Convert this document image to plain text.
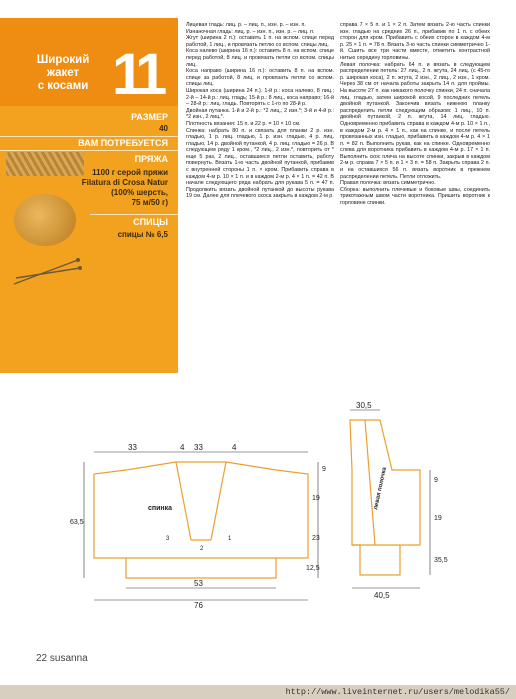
Широкий
жакет
с косами 11
РАЗМЕР
40
ВАМ ПОТРЕБУЕТСЯ
ПРЯЖА
1100 г серой пряжи
Filatura di Crosa Natur
(100% шерсть,
75 м/50 г)
СПИЦЫ
спицы № 6,5

Лицевая гладь: лиц. р. – лиц. п., изн. р. – изн. п.

Изнаночная гладь: лиц. р. – изн. п., изн. р. – лиц. п.

Жгут (ширина 2 п.): оставить 1 п. на вспом. спице перед работой, 1 лиц., и провязать петлю со вспом. спицы лиц.

Коса налево (ширина 16 п.): оставить 8 п. на вспом. спице перед работой, 8 лиц. и провязать петли со вспом. спицы лиц.

Коса направо (ширина 16 п.): оставить 8 п. на вспом. спице за работой, 8 лиц. и провязать петли со вспом. спицы лиц.

Широкая коса (ширина 24 п.). 1-й р.: коса налево, 8 лиц.; 2-й – 14-й р.: лиц. гладь; 15-й р.: 8 лиц., коса направо; 16-й – 28-й р.: лиц. гладь. Повторять с 1-го по 28-й р.

Двойная путанка. 1-й и 2-й р.: *2 лиц., 2 изн.*; 3-й и 4-й р.: *2 изн., 2 лиц.*.

Плотность вязания: 15 п. и 22 р. = 10 × 10 см.

Спинка: набрать 80 п. и связать для планки 2 р. изн. гладью, 1 р. лиц. гладью, 1 р. изн. гладью, 4 р. лиц. гладью, 14 р. двойной путанкой, 4 р. лиц. гладью = 26 р. В следующем ряду 1 кром., *2 лиц., 2 изн.*, повторить от * еще 5 раз, 2 лиц., оставшиеся петли оставить, работу повернуть. Вязать 1-ю часть двойной путанкой, прибавив с внутренней стороны 1 п. × кром. Прибавить справа в каждом 4-м р. 10 × 1 п. и в каждом 2-м р. 4 × 1 п. = 42 п. В начале следующего ряда набрать для рукава 5 п. = 47 п. Продолжить вязать двойной путанкой до высоты рукава 19 см. Далее для плечевого скоса закрыть в каждом 2-м р.

справа 7 × 5 п. и 1 × 2 п. Затем вязать 2-ю часть спинки изн. гладью на средних 26 п., прибавив по 1 п. с обеих сторон для кром. Прибавить с обеих сторон в каждом 4-м р. 25 × 1 п. = 78 п. Вязать 3-ю часть спинки симметрично 1-й. Сшить все три части вместе, отметить контрастной нитью середину горловины.

Левая полочка: набрать 64 п. и вязать в следующем распределении петель: 27 лиц., 2 п. жгута, 24 лиц. (с 45-го р. широкая коса), 2 п. жгута, 2 изн., 2 лиц., 2 изн., 1 кром. Через 38 см от начала работы закрыть 14 п. для проймы. На высоте 27 п. как никакого полочку спинки, 24 п. сначала лиц. гладью, затем широкой косой, 9 последних петель двойной путанкой. Закончив вязать нижнюю планку распределить петли следующим образом: 1 лиц., 10 п. двойной путанкой, 2 п. жгута, 14 лиц. гладью. Одновременно прибавить справа в каждом 4-м р. 10 × 1 п., в каждом 2-м р. 4 × 1 п., как на спинке, и после петель провязанных изн. гладью, прибавить в каждом 4-м р. 4 × 1 п. = 82 п. Выполнить рукав, как на спинке. Одновременно слева для воротника прибавить в каждом 4-м р. 17 × 1 п. Выполнить скос плеча на высоте спинки, закрыв в каждом 2-м р. справа 7 × 5 п. и 1 × 3 п. = 58 п. Закрыть справа 2 п. и на оставшихся 56 п. вязать воротник в прежнем распределении петель. Петли отложить.

Правая полочка: вязать симметрично.

Сборка: выполнить плечевые и боковые швы, соединить трикотажным швом части воротника. Пришить воротник к горловине спинки.

33	4 33	4
9
19
23
12,5
63,5
53
76
3
2
1
спинка
30,5
9
19
35,5
40,5
левая полочка
22 susanna
http://www.liveinternet.ru/users/melodika55/
